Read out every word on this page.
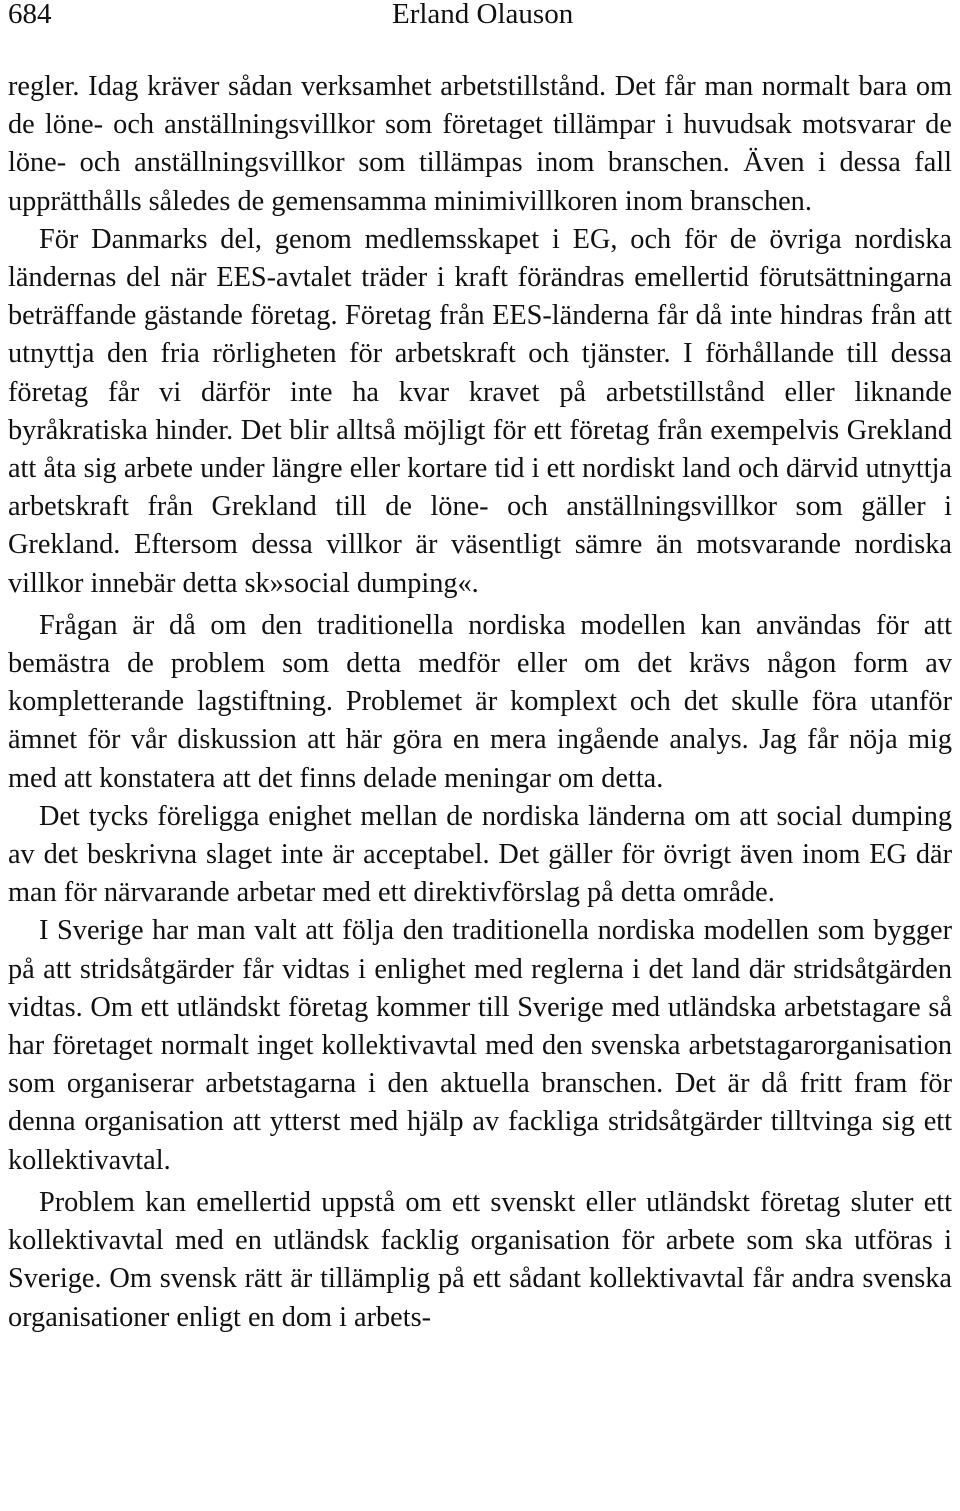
684	Erland Olauson

regler. Idag kräver sådan verksamhet arbetstillstånd. Det får man normalt bara om de löne- och anställningsvillkor som företaget tillämpar i huvudsak motsvarar de löne- och anställningsvillkor som tillämpas inom branschen. Även i dessa fall upprätthålls således de gemensamma minimivillkoren inom branschen.

För Danmarks del, genom medlemsskapet i EG, och för de övriga nordiska ländernas del när EES-avtalet träder i kraft förändras emellertid förutsättningarna beträffande gästande företag. Företag från EES-länderna får då inte hindras från att utnyttja den fria rörligheten för arbetskraft och tjänster. I förhållande till dessa företag får vi därför inte ha kvar kravet på arbetstillstånd eller liknande byråkratiska hinder. Det blir alltså möjligt för ett företag från exempelvis Grekland att åta sig arbete under längre eller kortare tid i ett nordiskt land och därvid utnyttja arbetskraft från Grekland till de löne- och anställningsvillkor som gäller i Grekland. Eftersom dessa villkor är väsentligt sämre än motsvarande nordiska villkor innebär detta sk»social dumping«.

Frågan är då om den traditionella nordiska modellen kan användas för att bemästra de problem som detta medför eller om det krävs någon form av kompletterande lagstiftning. Problemet är komplext och det skulle föra utanför ämnet för vår diskussion att här göra en mera ingående analys. Jag får nöja mig med att konstatera att det finns delade meningar om detta.

Det tycks föreligga enighet mellan de nordiska länderna om att social dumping av det beskrivna slaget inte är acceptabel. Det gäller för övrigt även inom EG där man för närvarande arbetar med ett direktivförslag på detta område.

I Sverige har man valt att följa den traditionella nordiska modellen som bygger på att stridsåtgärder får vidtas i enlighet med reglerna i det land där stridsåtgärden vidtas. Om ett utländskt företag kommer till Sverige med utländska arbetstagare så har företaget normalt inget kollektivavtal med den svenska arbetstagarorganisation som organiserar arbetstagarna i den aktuella branschen. Det är då fritt fram för denna organisation att ytterst med hjälp av fackliga stridsåtgärder tilltvinga sig ett kollektivavtal.

Problem kan emellertid uppstå om ett svenskt eller utländskt företag sluter ett kollektivavtal med en utländsk facklig organisation för arbete som ska utföras i Sverige. Om svensk rätt är tillämplig på ett sådant kollektivavtal får andra svenska organisationer enligt en dom i arbets-
